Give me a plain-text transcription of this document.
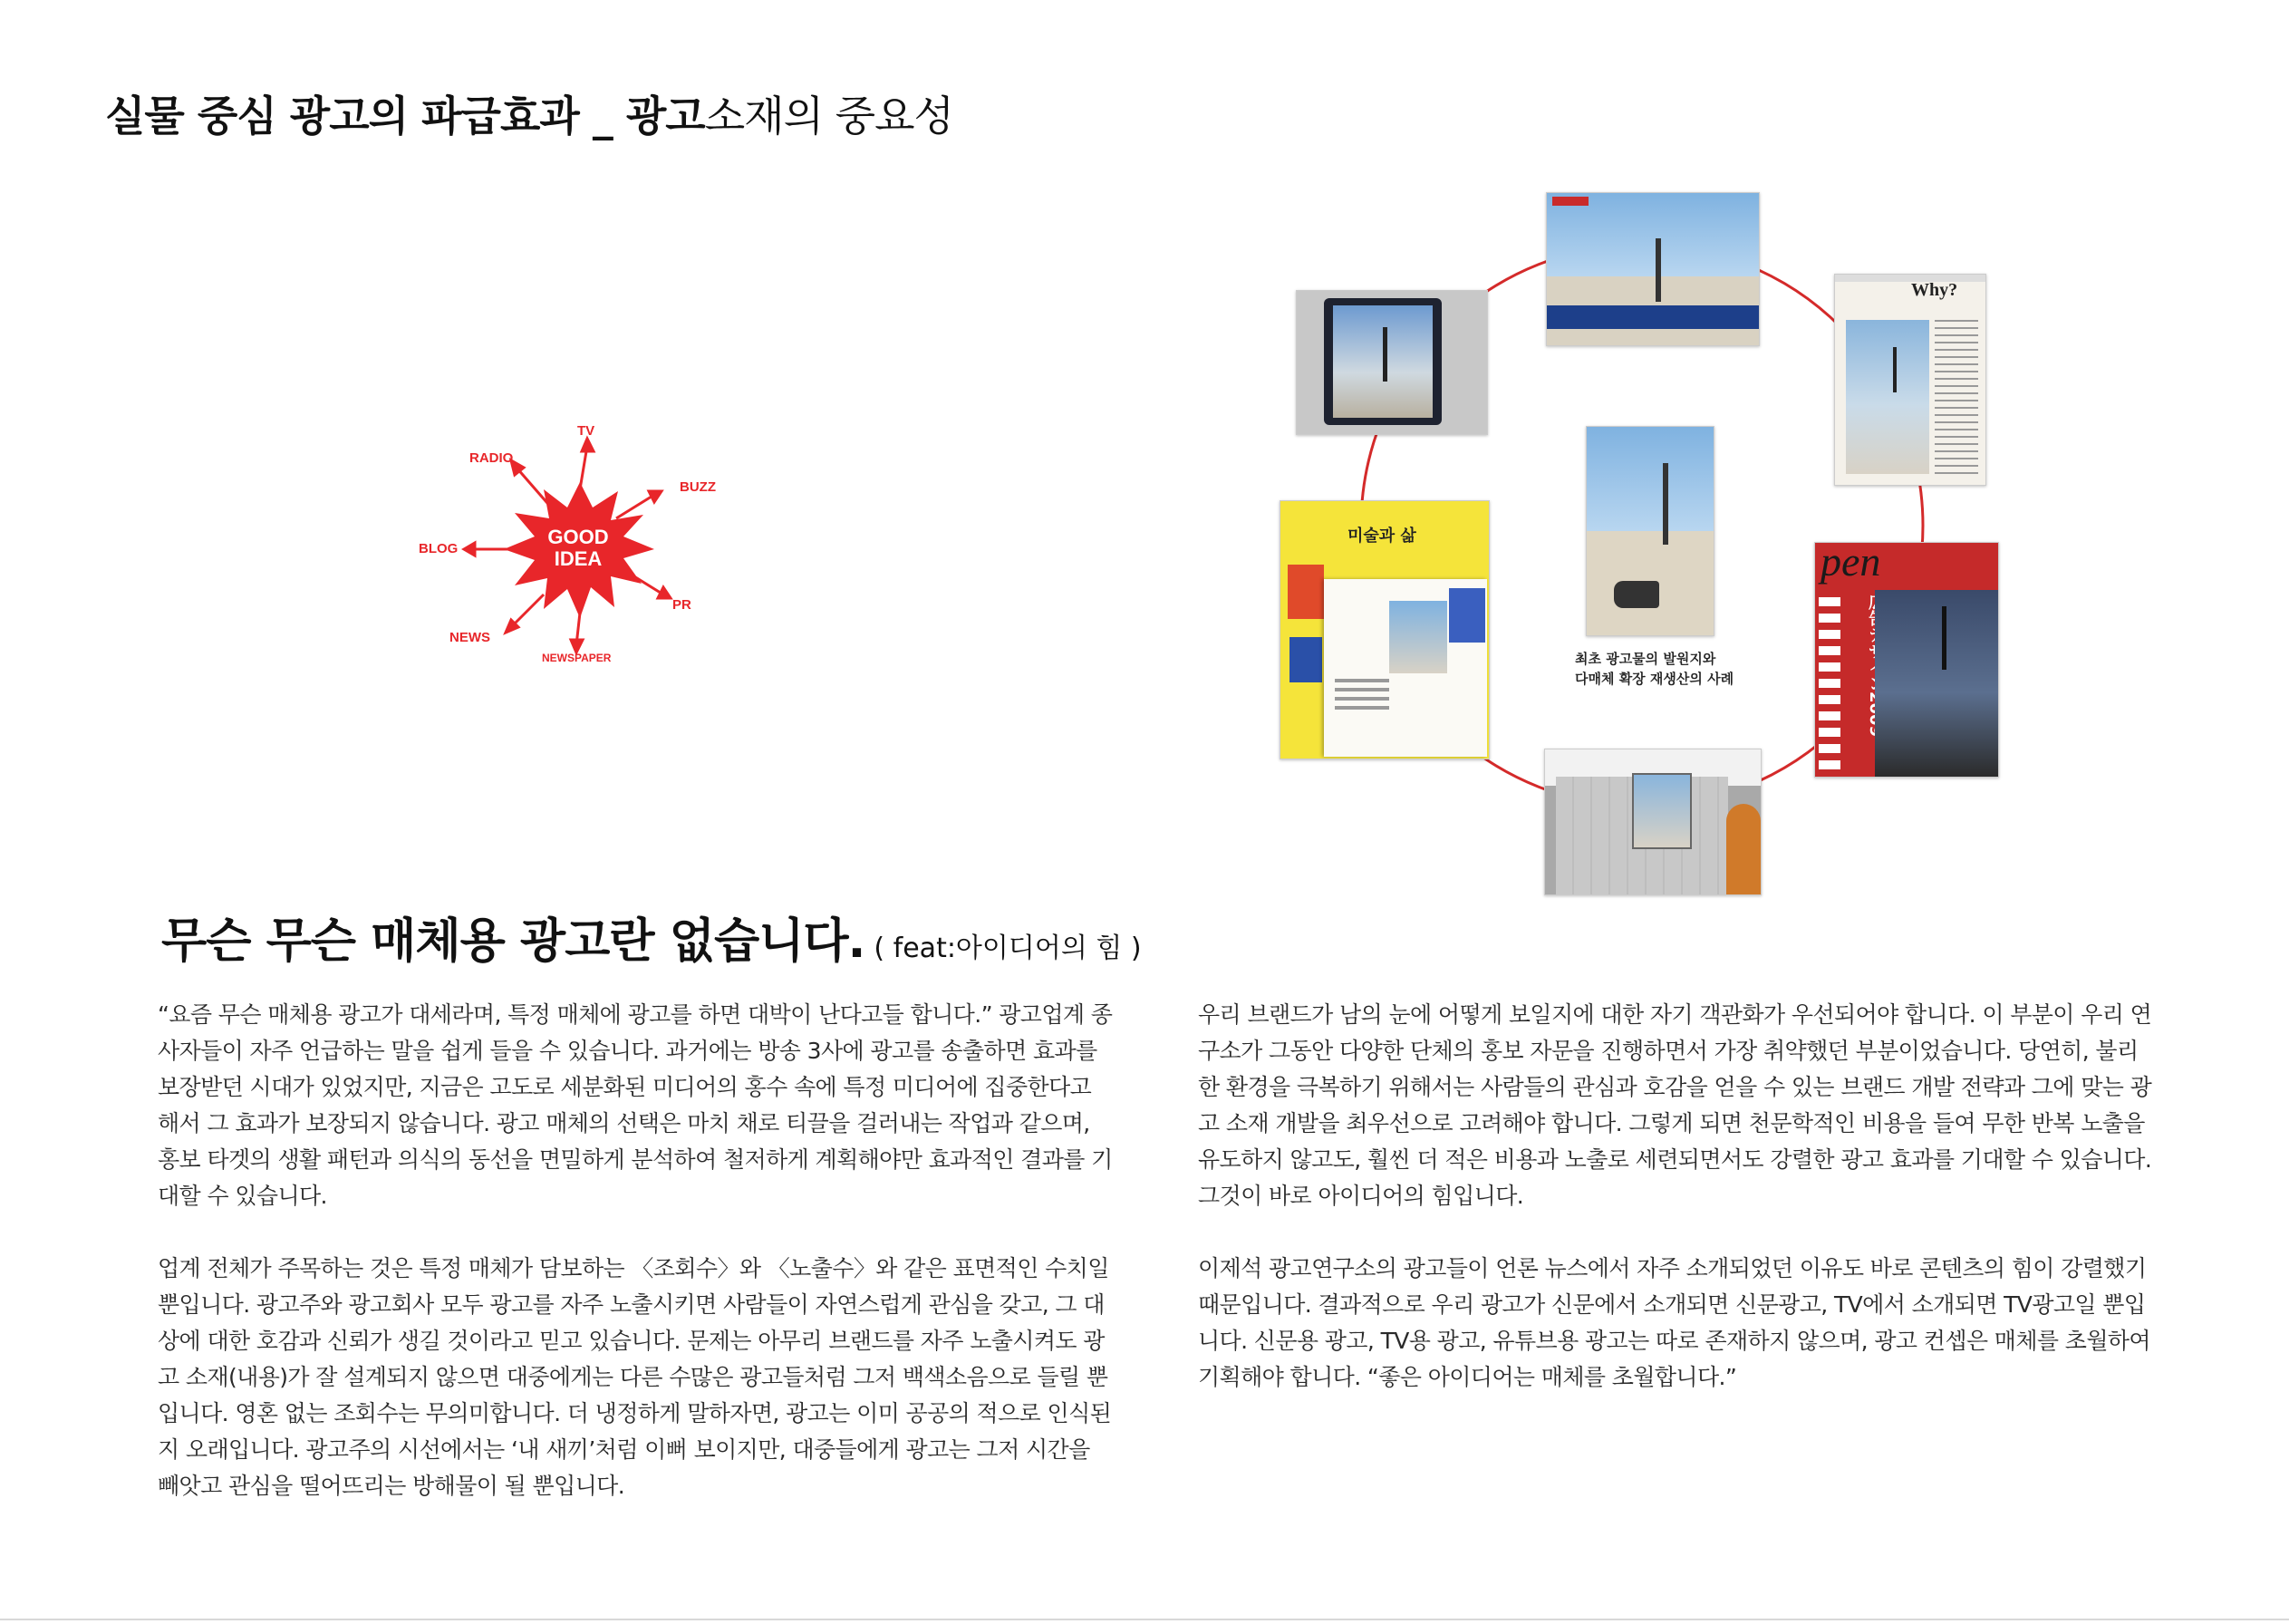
실물 중심 광고의 파급효과 _ 광고소재의 중요성
TV
RADIO
BUZZ
BLOG
PR
NEWS
NEWSPAPER
GOOD
IDEA
Why?
미술과 삶
최초 광고물의 발원지와
다매체 확장 재생산의 사례
pen
무슨 무슨 매체용 광고란 없습니다. ( feat:아이디어의 힘 )

“요즘 무슨 매체용 광고가 대세라며, 특정 매체에 광고를 하면 대박이 난다고들 합니다.” 광고업계 종사자들이 자주 언급하는 말을 쉽게 들을 수 있습니다. 과거에는 방송 3사에 광고를 송출하면 효과를 보장받던 시대가 있었지만, 지금은 고도로 세분화된 미디어의 홍수 속에 특정 미디어에 집중한다고 해서 그 효과가 보장되지 않습니다. 광고 매체의 선택은 마치 채로 티끌을 걸러내는 작업과 같으며, 홍보 타겟의 생활 패턴과 의식의 동선을 면밀하게 분석하여 철저하게 계획해야만 효과적인 결과를 기대할 수 있습니다.

업계 전체가 주목하는 것은 특정 매체가 담보하는 〈조회수〉와 〈노출수〉와 같은 표면적인 수치일 뿐입니다. 광고주와 광고회사 모두 광고를 자주 노출시키면 사람들이 자연스럽게 관심을 갖고, 그 대상에 대한 호감과 신뢰가 생길 것이라고 믿고 있습니다. 문제는 아무리 브랜드를 자주 노출시켜도 광고 소재(내용)가 잘 설계되지 않으면 대중에게는 다른 수많은 광고들처럼 그저 백색소음으로 들릴 뿐입니다. 영혼 없는 조회수는 무의미합니다. 더 냉정하게 말하자면, 광고는 이미 공공의 적으로 인식된 지 오래입니다. 광고주의 시선에서는 ‘내 새끼’처럼 이뻐 보이지만, 대중들에게 광고는 그저 시간을 빼앗고 관심을 떨어뜨리는 방해물이 될 뿐입니다.

우리 브랜드가 남의 눈에 어떻게 보일지에 대한 자기 객관화가 우선되어야 합니다. 이 부분이 우리 연구소가 그동안 다양한 단체의 홍보 자문을 진행하면서 가장 취약했던 부분이었습니다. 당연히, 불리한 환경을 극복하기 위해서는 사람들의 관심과 호감을 얻을 수 있는 브랜드 개발 전략과 그에 맞는 광고 소재 개발을 최우선으로 고려해야 합니다. 그렇게 되면 천문학적인 비용을 들여 무한 반복 노출을 유도하지 않고도, 훨씬 더 적은 비용과 노출로 세련되면서도 강렬한 광고 효과를 기대할 수 있습니다. 그것이 바로 아이디어의 힘입니다.

이제석 광고연구소의 광고들이 언론 뉴스에서 자주 소개되었던 이유도 바로 콘텐츠의 힘이 강렬했기 때문입니다. 결과적으로 우리 광고가 신문에서 소개되면 신문광고, TV에서 소개되면 TV광고일 뿐입니다. 신문용 광고, TV용 광고, 유튜브용 광고는 따로 존재하지 않으며, 광고 컨셉은 매체를 초월하여 기획해야 합니다. “좋은 아이디어는 매체를 초월합니다.”
